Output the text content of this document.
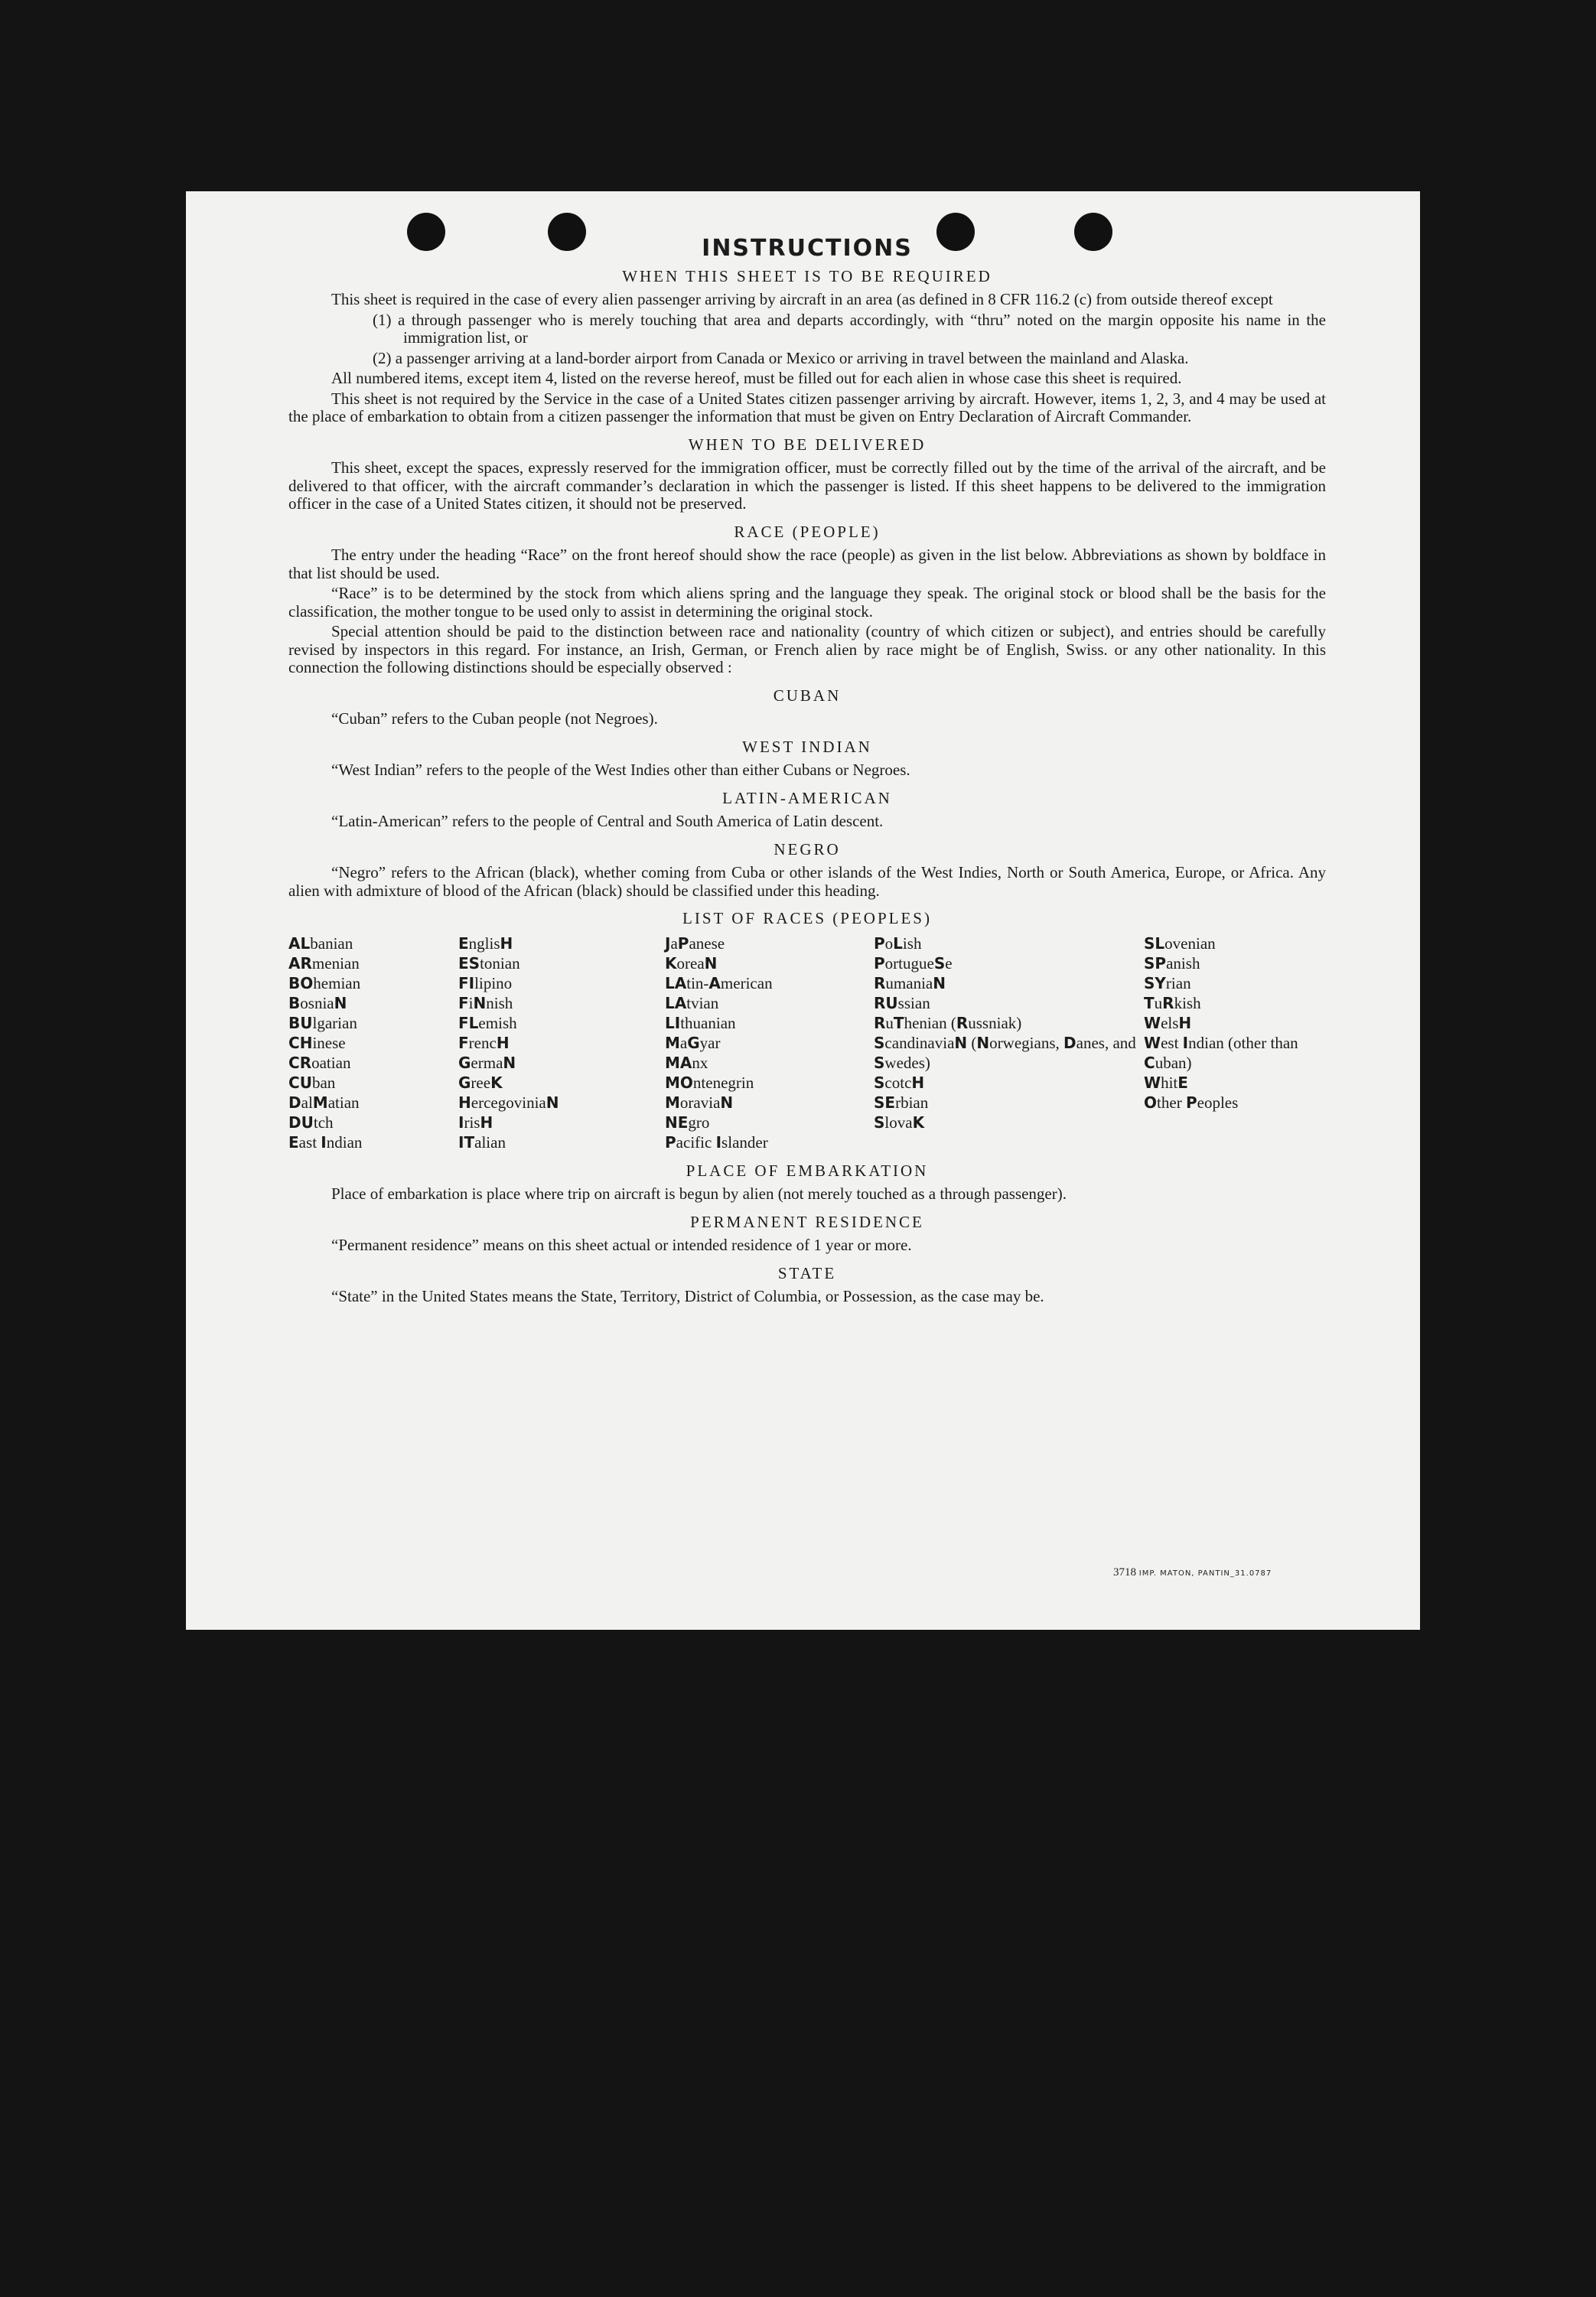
INSTRUCTIONS
WHEN THIS SHEET IS TO BE REQUIRED
This sheet is required in the case of every alien passenger arriving by aircraft in an area (as defined in 8 CFR 116.2 (c) from outside thereof except
(1) a through passenger who is merely touching that area and departs accordingly, with “thru” noted on the margin opposite his name in the immigration list, or
(2) a passenger arriving at a land-border airport from Canada or Mexico or arriving in travel between the mainland and Alaska.
All numbered items, except item 4, listed on the reverse hereof, must be filled out for each alien in whose case this sheet is required.
This sheet is not required by the Service in the case of a United States citizen passenger arriving by aircraft. However, items 1, 2, 3, and 4 may be used at the place of embarkation to obtain from a citizen passenger the information that must be given on Entry Declaration of Aircraft Commander.
WHEN TO BE DELIVERED
This sheet, except the spaces, expressly reserved for the immigration officer, must be correctly filled out by the time of the arrival of the aircraft, and be delivered to that officer, with the aircraft commander’s declaration in which the passenger is listed. If this sheet happens to be delivered to the immigration officer in the case of a United States citizen, it should not be preserved.
RACE (PEOPLE)
The entry under the heading “Race” on the front hereof should show the race (people) as given in the list below. Abbreviations as shown by boldface in that list should be used.
“Race” is to be determined by the stock from which aliens spring and the language they speak. The original stock or blood shall be the basis for the classification, the mother tongue to be used only to assist in determining the original stock.
Special attention should be paid to the distinction between race and nationality (country of which citizen or subject), and entries should be carefully revised by inspectors in this regard. For instance, an Irish, German, or French alien by race might be of English, Swiss. or any other nationality. In this connection the following distinctions should be especially observed :
CUBAN
“Cuban” refers to the Cuban people (not Negroes).
WEST INDIAN
“West Indian” refers to the people of the West Indies other than either Cubans or Negroes.
LATIN-AMERICAN
“Latin-American” refers to the people of Central and South America of Latin descent.
NEGRO
“Negro” refers to the African (black), whether coming from Cuba or other islands of the West Indies, North or South America, Europe, or Africa. Any alien with admixture of blood of the African (black) should be classified under this heading.
LIST OF RACES (PEOPLES)
ALbanian
ARmenian
BOhemian
BosniaN
BUlgarian
CHinese
CRoatian
CUban
DalMatian
DUtch
East Indian
EnglisH
EStonian
FIlipino
FiNnish
FLemish
FrencH
GermaN
GreeK
HercegoviniaN
IrisH
ITalian
JaPanese
KoreaN
LAtin-American
LAtvian
LIthuanian
MaGyar
MAnx
MOntenegrin
MoraviaN
NEgro
Pacific Islander
PoLish
PortugueSe
RumaniaN
RUssian
RuThenian (Russniak)
ScandinaviaN (Norwegians, Danes, and Swedes)
ScotcH
SErbian
SlovaK
SLovenian
SPanish
SYrian
TuRkish
WelsH
West Indian (other than Cuban)
WhitE
Other Peoples
PLACE OF EMBARKATION
Place of embarkation is place where trip on aircraft is begun by alien (not merely touched as a through passenger).
PERMANENT RESIDENCE
“Permanent residence” means on this sheet actual or intended residence of 1 year or more.
STATE
“State” in the United States means the State, Territory, District of Columbia, or Possession, as the case may be.
3718 IMP. MATON, PANTIN_31.0787
